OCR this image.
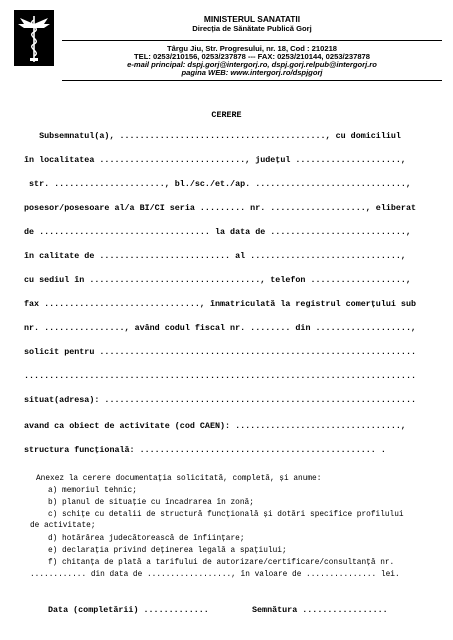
MINISTERUL SANATATII
Direcția de Sănătate Publică Gorj
Târgu Jiu, Str. Progresului, nr. 18, Cod : 210218
TEL: 0253/210156, 0253/237878 --- FAX: 0253/210144, 0253/237878
e-mail principal: dspj.gorj@intergorj.ro, dspj.gorj.relpub@intergorj.ro
pagina WEB: www.intergorj.ro/dspjgorj
CERERE
Subsemnatul(a), ........................................., cu domiciliul
în localitatea ............................., județul .....................,
str. ......................, bl./sc./et./ap. ..............................,
posesor/posesoare al/a BI/CI seria ......... nr. ..................., eliberat
de .................................. la data de ...........................,
în calitate de .......................... al ..............................,
cu sediul în .................................., telefon ...................,
fax ..............................., înmatriculată la registrul comerțului sub
nr. ................, având codul fiscal nr. ........ din ...................,
solicit pentru ...............................................................
..............................................................................
situat(adresa): ..............................................................
avand ca obiect de activitate (cod CAEN): .................................,
structura funcțională: ............................................... .
Anexez la cerere documentația solicitată, completă, și anume:
a) memoriul tehnic;
b) planul de situație cu încadrarea în zonă;
c) schițe cu detalii de structură funcțională și dotări specifice profilului
de activitate;
d) hotărârea judecătorească de înființare;
e) declarația privind deținerea legală a spațiului;
f) chitanța de plată a tarifului de autorizare/certificare/consultanță nr.
............ din data de .................., în valoare de ............... lei.
Data (completării) .............	Semnătura .................
